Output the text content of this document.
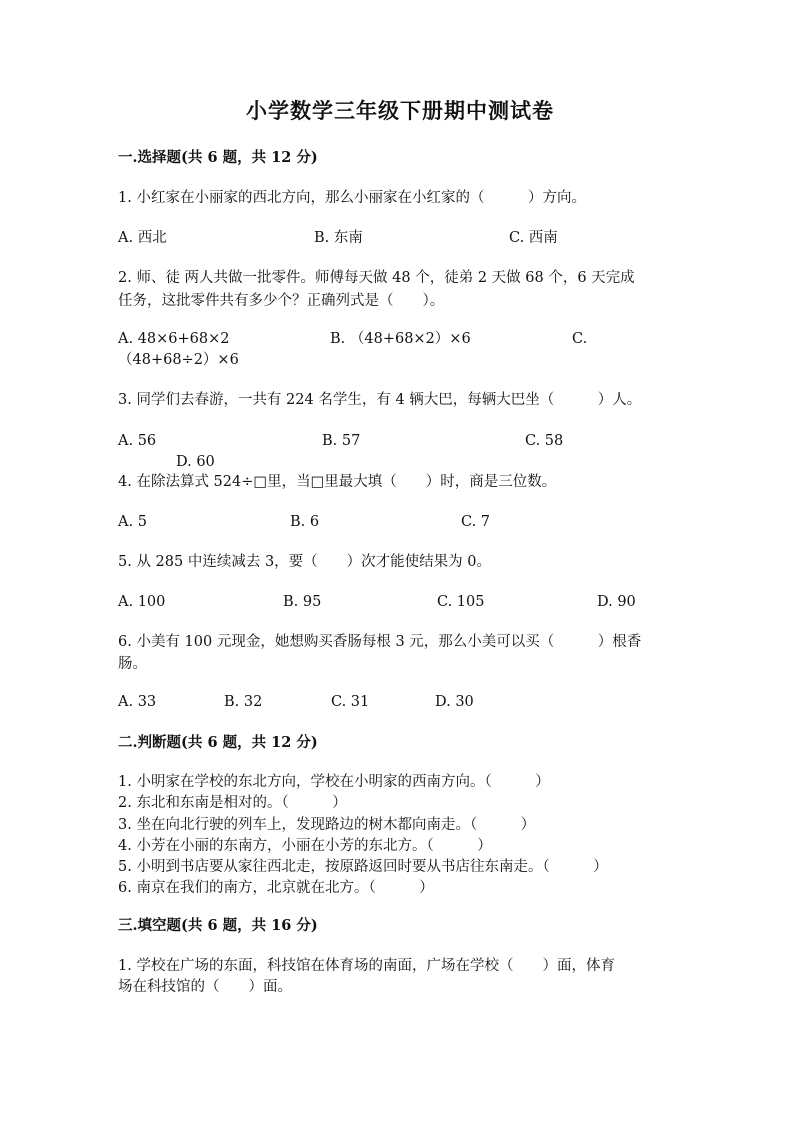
小学数学三年级下册期中测试卷
一.选择题(共 6 题，共 12 分)
1. 小红家在小丽家的西北方向，那么小丽家在小红家的（　　　）方向。
A. 西北	B. 东南	C. 西南
2. 师、徒 两人共做一批零件。师傅每天做 48 个，徒弟 2 天做 68 个，6 天完成
任务，这批零件共有多少个？正确列式是（　　）。
A. 48×6+68×2	B. （48+68×2）×6	C.
（48+68÷2）×6
3. 同学们去春游，一共有 224 名学生，有 4 辆大巴，每辆大巴坐（　　　）人。
A. 56	B. 57	C. 58
D. 60
4. 在除法算式 524÷□里，当□里最大填（　　）时，商是三位数。
A. 5	B. 6	C. 7
5. 从 285 中连续减去 3，要（　　）次才能使结果为 0。
A. 100	B. 95	C. 105	D. 90
6. 小美有 100 元现金，她想购买香肠每根 3 元，那么小美可以买（　　　）根香
肠。
A. 33	B. 32	C. 31	D. 30
二.判断题(共 6 题，共 12 分)
1. 小明家在学校的东北方向，学校在小明家的西南方向。（　　　）
2. 东北和东南是相对的。（　　　）
3. 坐在向北行驶的列车上，发现路边的树木都向南走。（　　　）
4. 小芳在小丽的东南方，小丽在小芳的东北方。（　　　）
5. 小明到书店要从家往西北走，按原路返回时要从书店往东南走。（　　　）
6. 南京在我们的南方，北京就在北方。（　　　）
三.填空题(共 6 题，共 16 分)
1. 学校在广场的东面，科技馆在体育场的南面，广场在学校（　　）面，体育
场在科技馆的（　　）面。
